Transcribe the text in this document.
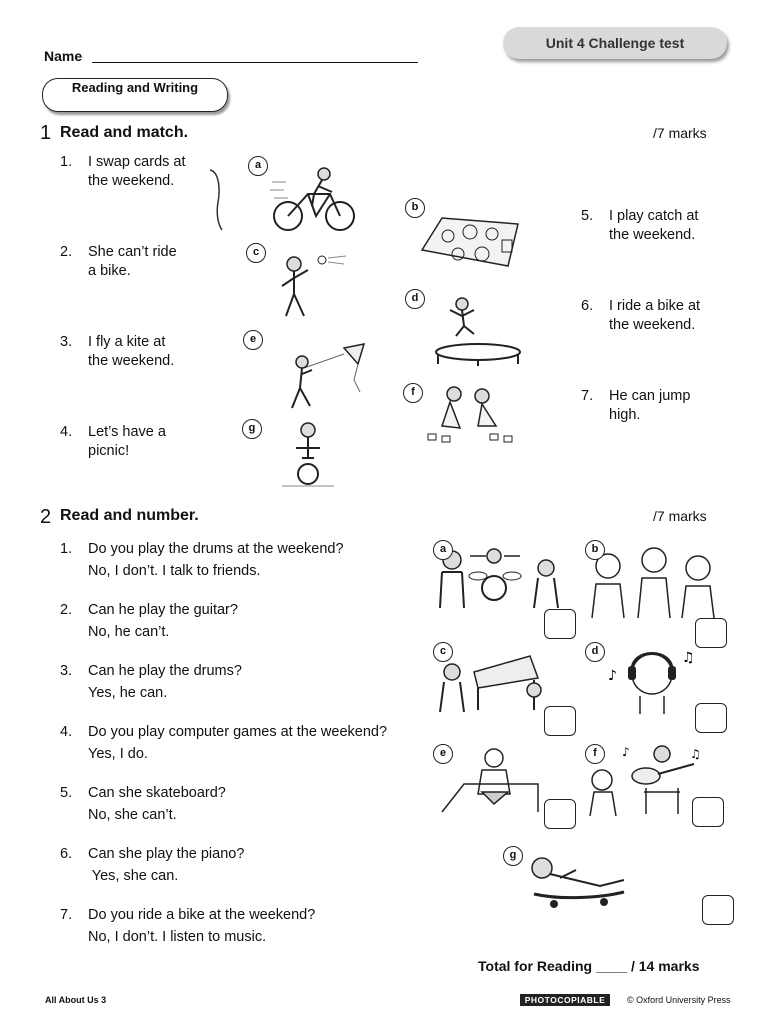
Unit 4 Challenge test
Name
Reading and Writing
1 Read and match.	/7 marks
1. I swap cards at
the weekend.
2. She can’t ride
a bike.
3. I fly a kite at
the weekend.
4. Let’s have a
picnic!
5. I play catch at
the weekend.
6. I ride a bike at
the weekend.
7. He can jump
high.
a
b
c
d
e
f
g
2 Read and number.	/7 marks
1. Do you play the drums at the weekend?
No, I don’t. I talk to friends.
2. Can he play the guitar?
No, he can’t.
3. Can he play the drums?
Yes, he can.
4. Do you play computer games at the weekend?
Yes, I do.
5. Can she skateboard?
No, she can’t.
6. Can she play the piano?
Yes, she can.
7. Do you ride a bike at the weekend?
No, I don’t. I listen to music.
♪
♫
♪	♫
a	b
c	d
e	f
g
Total for Reading ____ / 14 marks
All About Us 3	PHOTOCOPIABLE	© Oxford University Press
